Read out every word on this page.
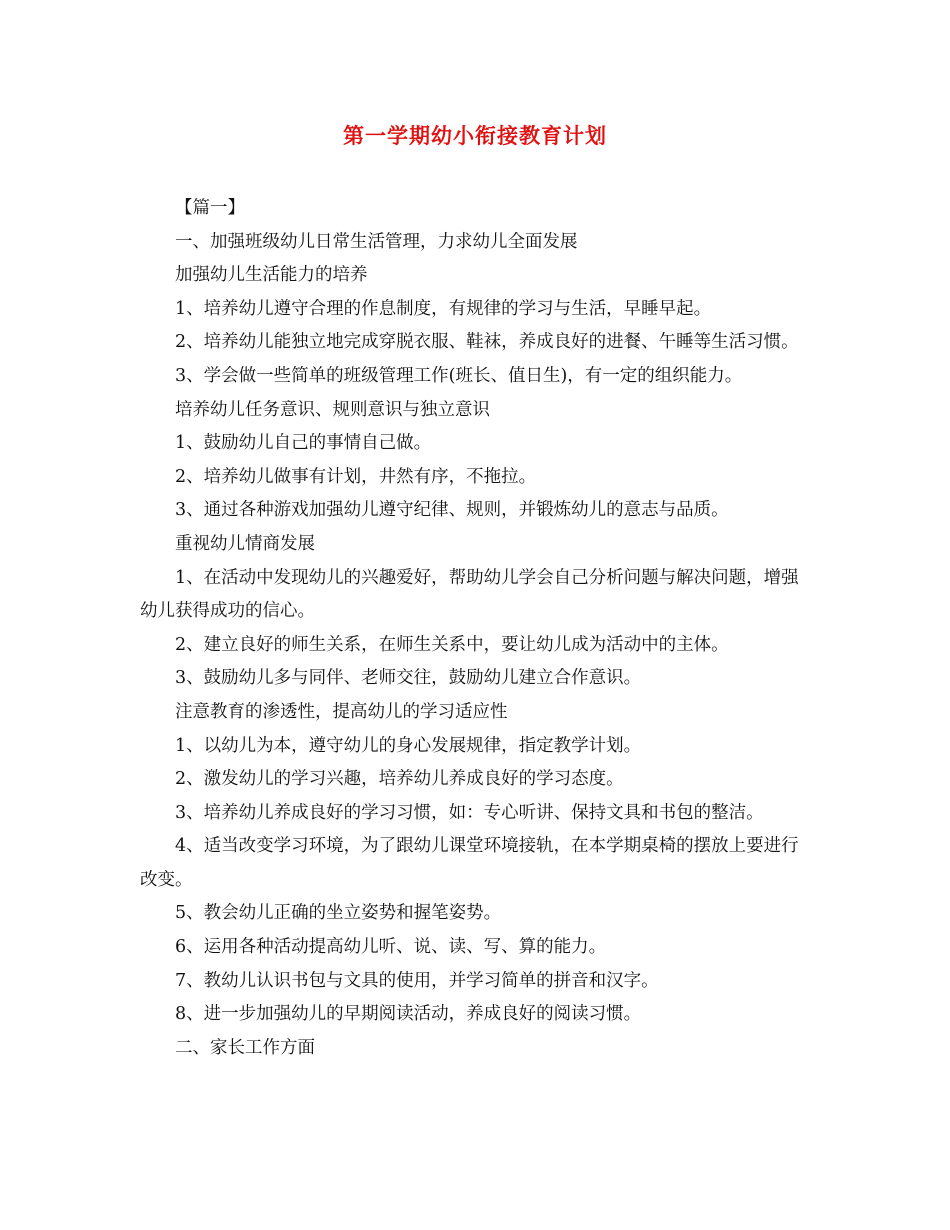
第一学期幼小衔接教育计划

【篇一】

一、加强班级幼儿日常生活管理，力求幼儿全面发展

加强幼儿生活能力的培养

1、培养幼儿遵守合理的作息制度，有规律的学习与生活，早睡早起。

2、培养幼儿能独立地完成穿脱衣服、鞋袜，养成良好的进餐、午睡等生活习惯。

3、学会做一些简单的班级管理工作(班长、值日生)，有一定的组织能力。

培养幼儿任务意识、规则意识与独立意识

1、鼓励幼儿自己的事情自己做。

2、培养幼儿做事有计划，井然有序，不拖拉。

3、通过各种游戏加强幼儿遵守纪律、规则，并锻炼幼儿的意志与品质。

重视幼儿情商发展

1、在活动中发现幼儿的兴趣爱好，帮助幼儿学会自己分析问题与解决问题，增强幼儿获得成功的信心。

2、建立良好的师生关系，在师生关系中，要让幼儿成为活动中的主体。

3、鼓励幼儿多与同伴、老师交往，鼓励幼儿建立合作意识。

注意教育的渗透性，提高幼儿的学习适应性

1、以幼儿为本，遵守幼儿的身心发展规律，指定教学计划。

2、激发幼儿的学习兴趣，培养幼儿养成良好的学习态度。

3、培养幼儿养成良好的学习习惯，如：专心听讲、保持文具和书包的整洁。

4、适当改变学习环境，为了跟幼儿课堂环境接轨，在本学期桌椅的摆放上要进行改变。

5、教会幼儿正确的坐立姿势和握笔姿势。

6、运用各种活动提高幼儿听、说、读、写、算的能力。

7、教幼儿认识书包与文具的使用，并学习简单的拼音和汉字。

8、进一步加强幼儿的早期阅读活动，养成良好的阅读习惯。

二、家长工作方面
